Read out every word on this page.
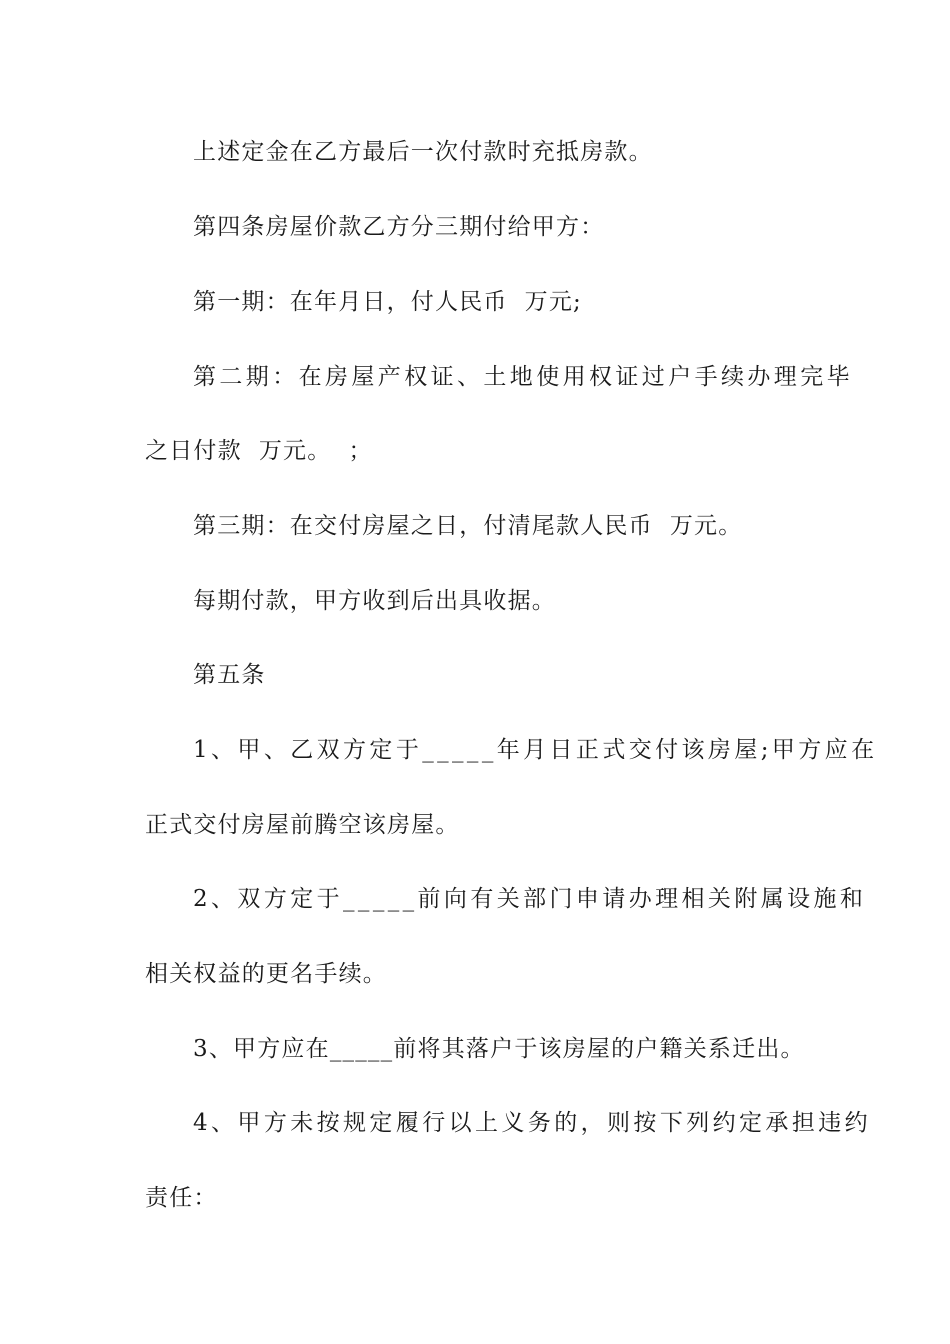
上述定金在乙方最后一次付款时充抵房款。
第四条房屋价款乙方分三期付给甲方：
第一期：在年月日，付人民币  万元;
第二期：在房屋产权证、土地使用权证过户手续办理完毕
之日付款  万元。  ；
第三期：在交付房屋之日，付清尾款人民币  万元。
每期付款，甲方收到后出具收据。
第五条
1、甲、乙双方定于_____年月日正式交付该房屋;甲方应在
正式交付房屋前腾空该房屋。
2、双方定于_____前向有关部门申请办理相关附属设施和
相关权益的更名手续。
3、甲方应在_____前将其落户于该房屋的户籍关系迁出。
4、甲方未按规定履行以上义务的，则按下列约定承担违约
责任：
